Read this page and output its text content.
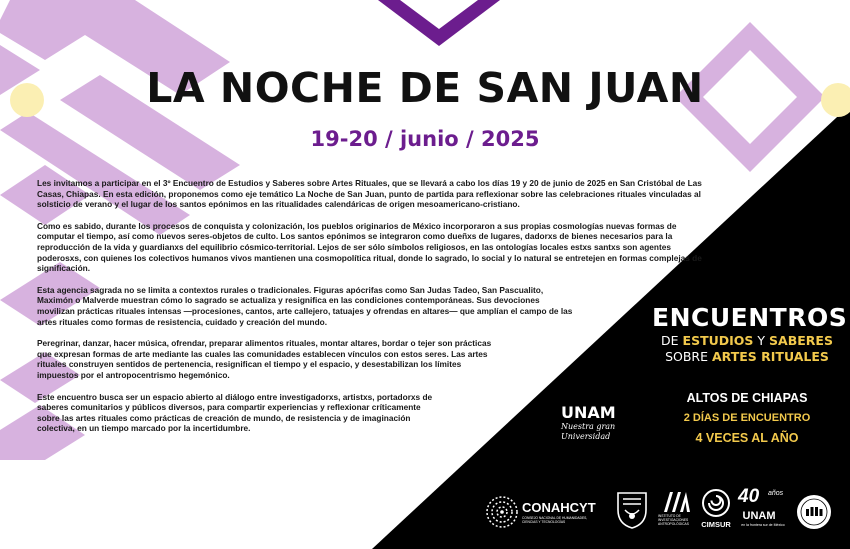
LA NOCHE DE SAN JUAN
19-20 / junio / 2025

Les invitamos a participar en el 3º Encuentro de Estudios y Saberes sobre Artes Rituales, que se llevará a cabo los días 19 y 20 de junio de 2025 en San Cristóbal de Las Casas, Chiapas. En esta edición, proponemos como eje temático La Noche de San Juan, punto de partida para reflexionar sobre las celebraciones rituales vinculadas al solsticio de verano y el lugar de los santos epónimos en las ritualidades calendáricas de origen mesoamericano-cristiano.

Como es sabido, durante los procesos de conquista y colonización, los pueblos originarios de México incorporaron a sus propias cosmologías nuevas formas de computar el tiempo, así como nuevos seres-objetos de culto. Los santos epónimos se integraron como dueñxs de lugares, dadorxs de bienes necesarios para la reproducción de la vida y guardianxs del equilibrio cósmico-territorial. Lejos de ser sólo símbolos religiosos, en las ontologías locales estxs santxs son agentes poderosxs, con quienes los colectivos humanos vivos mantienen una cosmopolítica ritual, donde lo sagrado, lo social y lo natural se entretejen en formas complejas de significación.

Esta agencia sagrada no se limita a contextos rurales o tradicionales. Figuras apócrifas como San Judas Tadeo, San Pascualito, Maximón o Malverde muestran cómo lo sagrado se actualiza y resignifica en las condiciones contemporáneas. Sus devociones movilizan prácticas rituales intensas —procesiones, cantos, arte callejero, tatuajes y ofrendas en altares— que amplían el campo de las artes rituales como formas de resistencia, cuidado y creación del mundo.

Peregrinar, danzar, hacer música, ofrendar, preparar alimentos rituales, montar altares, bordar o tejer son prácticas que expresan formas de arte mediante las cuales las comunidades establecen vínculos con estos seres. Las artes rituales construyen sentidos de pertenencia, resignifican el tiempo y el espacio, y desestabilizan los límites impuestos por el antropocentrismo hegemónico.

Este encuentro busca ser un espacio abierto al diálogo entre investigadorxs, artistxs, portadorxs de saberes comunitarios y públicos diversos, para compartir experiencias y reflexionar críticamente sobre las artes rituales como prácticas de creación de mundo, de resistencia y de imaginación colectiva, en un tiempo marcado por la incertidumbre.

ENCUENTROS
DE ESTUDIOS Y SABERES
SOBRE ARTES RITUALES
ALTOS DE CHIAPAS
2 DÍAS DE ENCUENTRO
4 VECES AL AÑO
UNAM
Nuestra gran
Universidad
CONAHCYT
CONSEJO NACIONAL DE HUMANIDADES, CIENCIAS Y TECNOLOGÍAS
INSTITUTO DE INVESTIGACIONES ANTROPOLÓGICAS	CIMSUR
40 años
UNAM
en la frontera sur de México
